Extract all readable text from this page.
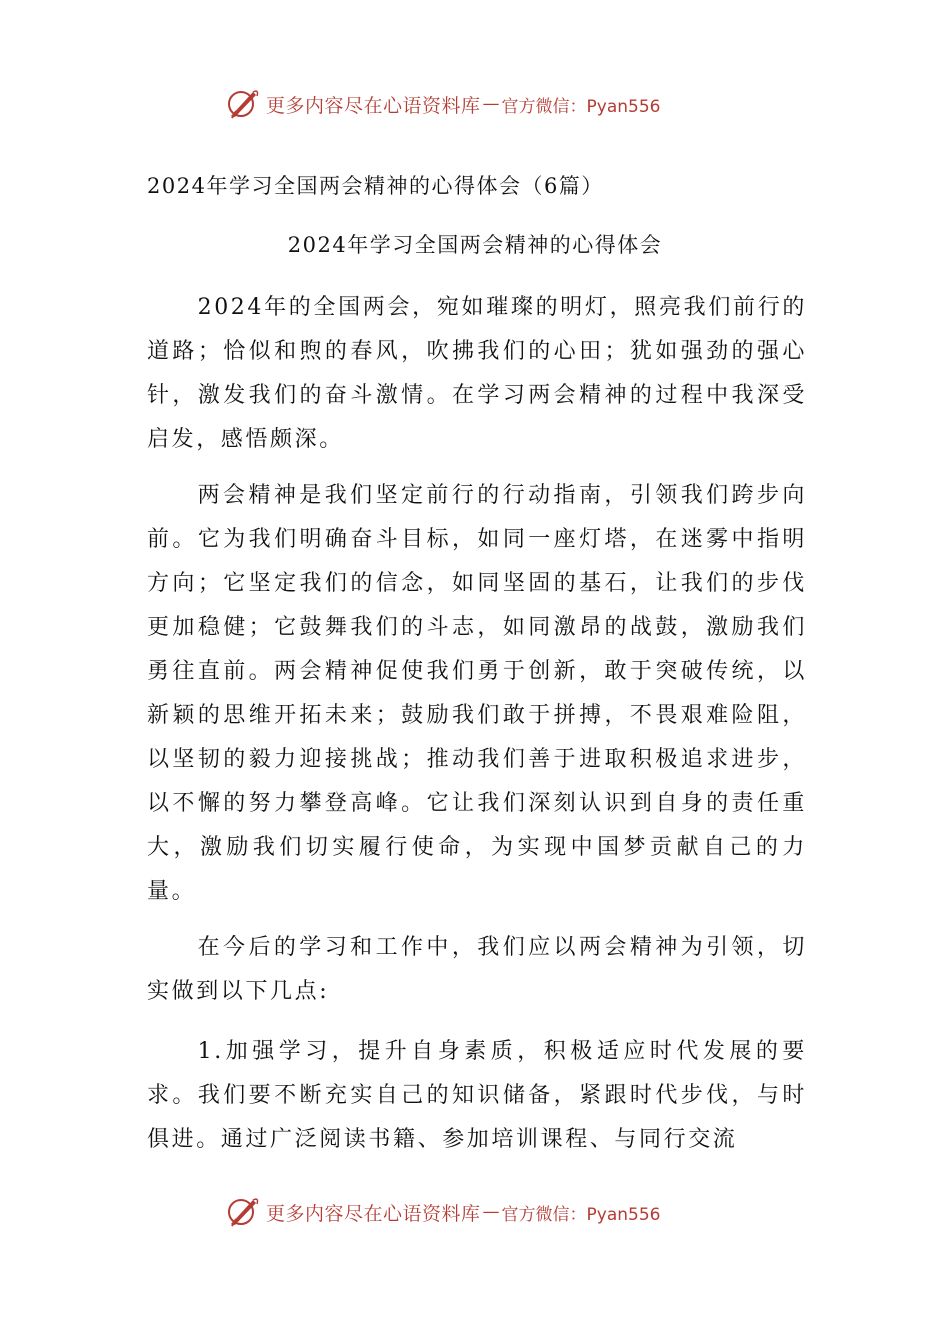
更多内容尽在心语资料库 — 官方微信：Pyan556
2024年学习全国两会精神的心得体会（6篇）
2024年学习全国两会精神的心得体会

2024年的全国两会，宛如璀璨的明灯，照亮我们前行的道路；恰似和煦的春风，吹拂我们的心田；犹如强劲的强心针，激发我们的奋斗激情。在学习两会精神的过程中我深受启发，感悟颇深。

两会精神是我们坚定前行的行动指南，引领我们跨步向前。它为我们明确奋斗目标，如同一座灯塔，在迷雾中指明方向；它坚定我们的信念，如同坚固的基石，让我们的步伐更加稳健；它鼓舞我们的斗志，如同激昂的战鼓，激励我们勇往直前。两会精神促使我们勇于创新，敢于突破传统，以新颖的思维开拓未来；鼓励我们敢于拼搏，不畏艰难险阻，以坚韧的毅力迎接挑战；推动我们善于进取积极追求进步，以不懈的努力攀登高峰。它让我们深刻认识到自身的责任重大，激励我们切实履行使命，为实现中国梦贡献自己的力量。

在今后的学习和工作中，我们应以两会精神为引领，切实做到以下几点:

1.加强学习，提升自身素质，积极适应时代发展的要求。我们要不断充实自己的知识储备，紧跟时代步伐，与时俱进。通过广泛阅读书籍、参加培训课程、与同行交流

更多内容尽在心语资料库 — 官方微信：Pyan556
